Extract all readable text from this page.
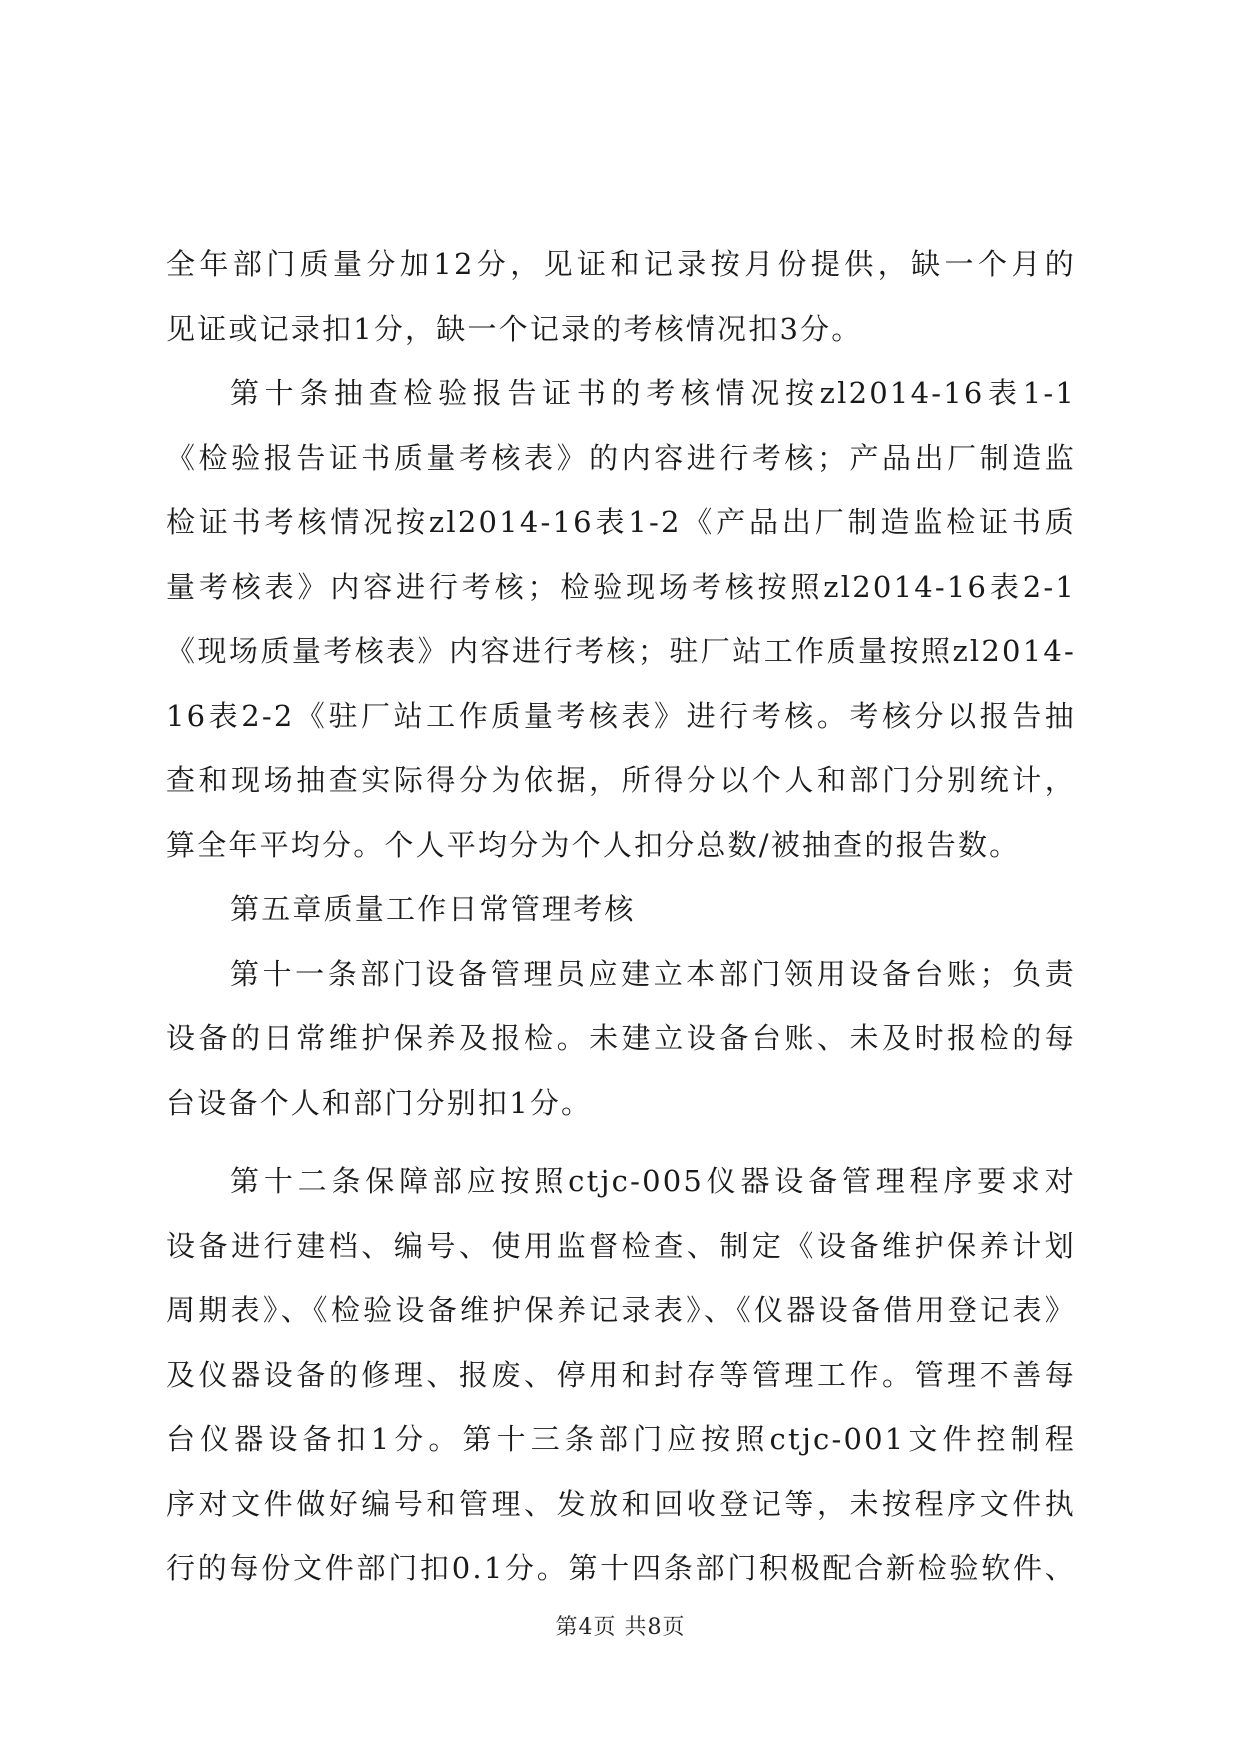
全年部门质量分加12分，见证和记录按月份提供，缺一个月的
见证或记录扣1分，缺一个记录的考核情况扣3分。
第十条抽查检验报告证书的考核情况按zl2014-16表1-1
《检验报告证书质量考核表》的内容进行考核；产品出厂制造监
检证书考核情况按zl2014-16表1-2《产品出厂制造监检证书质
量考核表》内容进行考核；检验现场考核按照zl2014-16表2-1
《现场质量考核表》内容进行考核；驻厂站工作质量按照zl2014-
16表2-2《驻厂站工作质量考核表》进行考核。考核分以报告抽
查和现场抽查实际得分为依据，所得分以个人和部门分别统计，
算全年平均分。个人平均分为个人扣分总数/被抽查的报告数。
第五章质量工作日常管理考核
第十一条部门设备管理员应建立本部门领用设备台账；负责
设备的日常维护保养及报检。未建立设备台账、未及时报检的每
台设备个人和部门分别扣1分。
第十二条保障部应按照ctjc-005仪器设备管理程序要求对
设备进行建档、编号、使用监督检查、制定《设备维护保养计划
周期表》、《检验设备维护保养记录表》、《仪器设备借用登记表》
及仪器设备的修理、报废、停用和封存等管理工作。管理不善每
台仪器设备扣1分。第十三条部门应按照ctjc-001文件控制程
序对文件做好编号和管理、发放和回收登记等，未按程序文件执
行的每份文件部门扣0.1分。第十四条部门积极配合新检验软件、
第4页 共8页
